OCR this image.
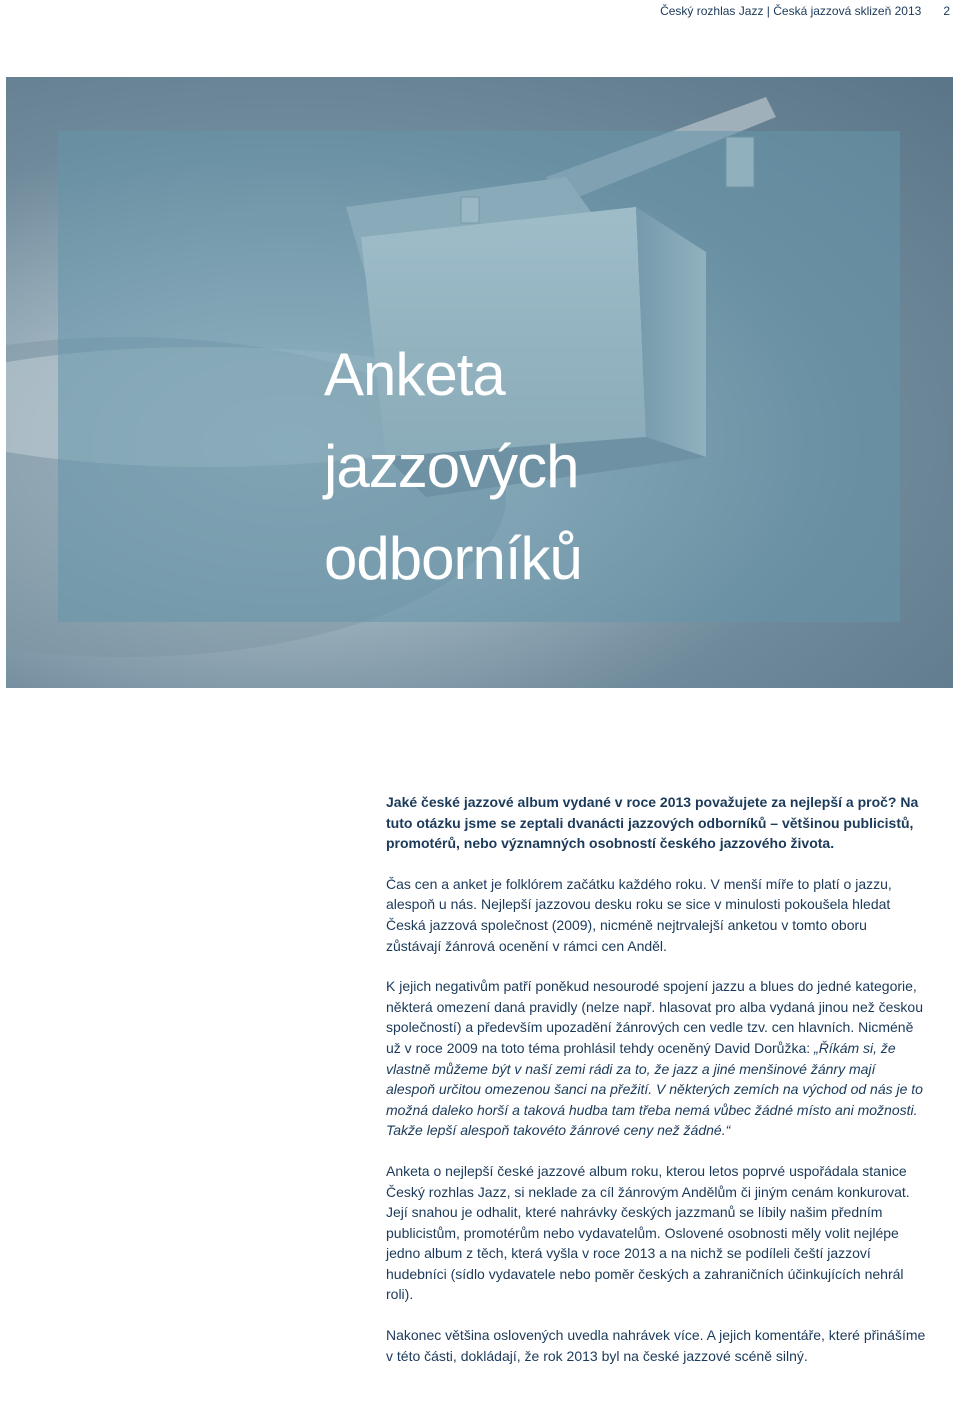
Český rozhlas Jazz | Česká jazzová sklizeň 2013 2
Anketa
jazzových
odborníků

Jaké české jazzové album vydané v roce 2013 považujete za nejlepší a proč? Na tuto otázku jsme se zeptali dvanácti jazzových odborníků – většinou publicistů, promotérů, nebo významných osobností českého jazzového života.

Čas cen a anket je folklórem začátku každého roku. V menší míře to platí o jazzu, alespoň u nás. Nejlepší jazzovou desku roku se sice v minulosti pokoušela hledat Česká jazzová společnost (2009), nicméně nejtrvalejší anketou v tomto oboru zůstávají žánrová ocenění v rámci cen Anděl.

K jejich negativům patří poněkud nesourodé spojení jazzu a blues do jedné kategorie, některá omezení daná pravidly (nelze např. hlasovat pro alba vydaná jinou než českou společností) a především upozadění žánrových cen vedle tzv. cen hlavních. Nicméně už v roce 2009 na toto téma prohlásil tehdy oceněný David Dorůžka: „Říkám si, že vlastně můžeme být v naší zemi rádi za to, že jazz a jiné menšinové žánry mají alespoň určitou omezenou šanci na přežití. V některých zemích na východ od nás je to možná daleko horší a taková hudba tam třeba nemá vůbec žádné místo ani možnosti. Takže lepší alespoň takovéto žánrové ceny než žádné.“

Anketa o nejlepší české jazzové album roku, kterou letos poprvé uspořádala stanice Český rozhlas Jazz, si neklade za cíl žánrovým Andělům či jiným cenám konkurovat. Její snahou je odhalit, které nahrávky českých jazzmanů se líbily našim předním publicistům, promotérům nebo vydavatelům. Oslovené osobnosti měly volit nejlépe jedno album z těch, která vyšla v roce 2013 a na nichž se podíleli čeští jazzoví hudebníci (sídlo vydavatele nebo poměr českých a zahraničních účinkujících nehrál roli).

Nakonec většina oslovených uvedla nahrávek více. A jejich komentáře, které přinášíme v této části, dokládají, že rok 2013 byl na české jazzové scéně silný.
